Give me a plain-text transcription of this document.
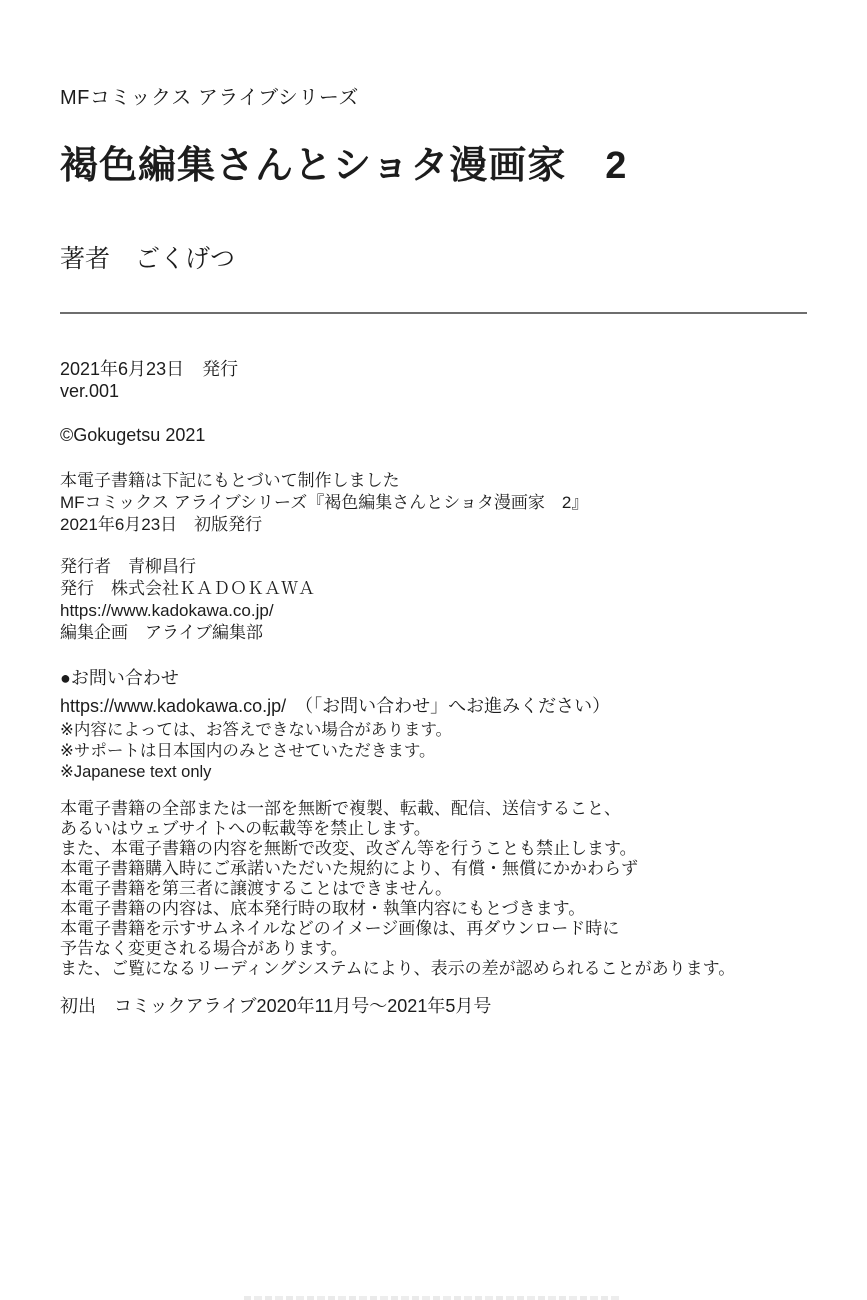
MFコミックス アライブシリーズ
褐色編集さんとショタ漫画家　2
著者　ごくげつ
2021年6月23日　発行
ver.001
©Gokugetsu 2021
本電子書籍は下記にもとづいて制作しました
MFコミックス アライブシリーズ『褐色編集さんとショタ漫画家　2』
2021年6月23日　初版発行
発行者　青柳昌行
発行　株式会社ＫＡＤＯＫＡＷＡ
https://www.kadokawa.co.jp/
編集企画　アライブ編集部
●お問い合わせ
https://www.kadokawa.co.jp/　（「お問い合わせ」へお進みください）
※内容によっては、お答えできない場合があります。
※サポートは日本国内のみとさせていただきます。
※Japanese text only
本電子書籍の全部または一部を無断で複製、転載、配信、送信すること、
あるいはウェブサイトへの転載等を禁止します。
また、本電子書籍の内容を無断で改変、改ざん等を行うことも禁止します。
本電子書籍購入時にご承諾いただいた規約により、有償・無償にかかわらず
本電子書籍を第三者に譲渡することはできません。
本電子書籍の内容は、底本発行時の取材・執筆内容にもとづきます。
本電子書籍を示すサムネイルなどのイメージ画像は、再ダウンロード時に
予告なく変更される場合があります。
また、ご覧になるリーディングシステムにより、表示の差が認められることがあります。
初出　コミックアライブ2020年11月号～2021年5月号
